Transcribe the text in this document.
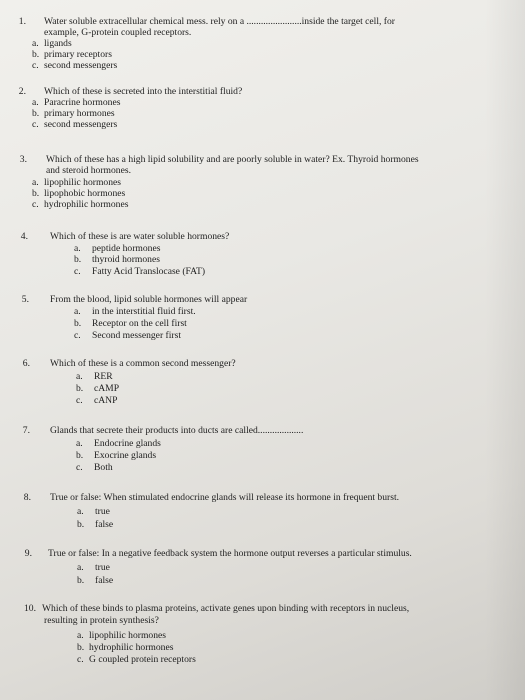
1. Water soluble extracellular chemical mess. rely on a .......................inside the target cell, for
example, G-protein coupled receptors.
a. ligands
b. primary receptors
c. second messengers
2. Which of these is secreted into the interstitial fluid?
a. Paracrine hormones
b. primary hormones
c. second messengers
3. Which of these has a high lipid solubility and are poorly soluble in water? Ex. Thyroid hormones
and steroid hormones.
a. lipophilic hormones
b. lipophobic hormones
c. hydrophilic hormones
4. Which of these is are water soluble hormones?
a. peptide hormones
b. thyroid hormones
c. Fatty Acid Translocase (FAT)
5. From the blood, lipid soluble hormones will appear
a. in the interstitial fluid first.
b. Receptor on the cell first
c. Second messenger first
6. Which of these is a common second messenger?
a. RER
b. cAMP
c. cANP
7. Glands that secrete their products into ducts are called...................
a. Endocrine glands
b. Exocrine glands
c. Both
8. True or false: When stimulated endocrine glands will release its hormone in frequent burst.
a. true
b. false
9. True or false: In a negative feedback system the hormone output reverses a particular stimulus.
a. true
b. false
10. Which of these binds to plasma proteins, activate genes upon binding with receptors in nucleus,
resulting in protein synthesis?
a. lipophilic hormones
b. hydrophilic hormones
c. G coupled protein receptors
